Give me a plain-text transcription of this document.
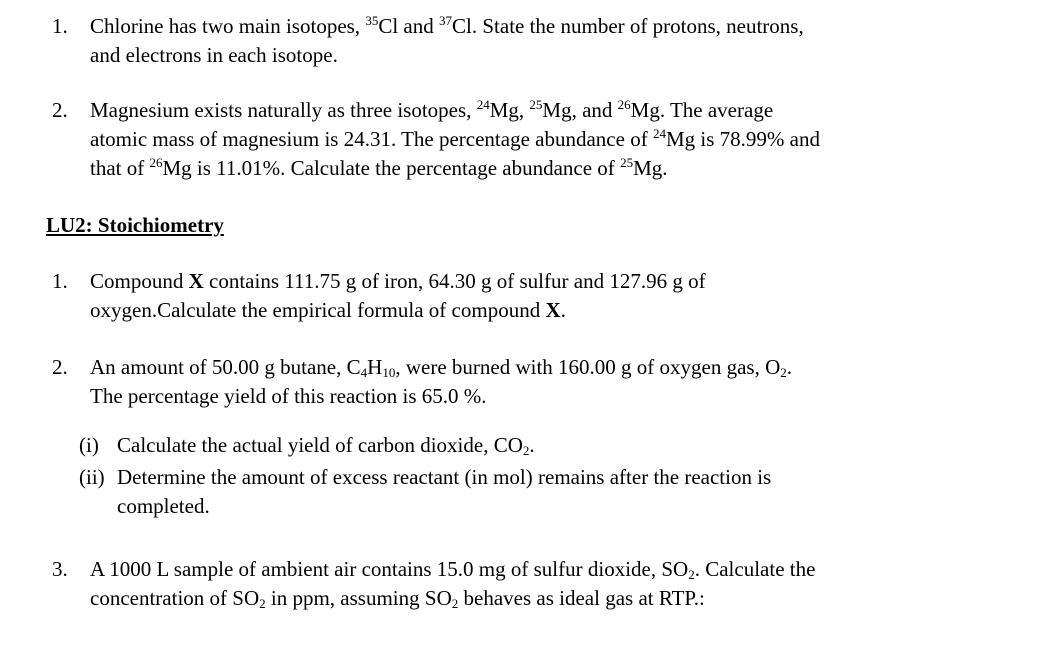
1. Chlorine has two main isotopes, $^{35}$Cl and $^{37}$Cl. State the number of protons, neutrons,
and electrons in each isotope.
2. Magnesium exists naturally as three isotopes, $^{24}$Mg, $^{25}$Mg, and $^{26}$Mg. The average
atomic mass of magnesium is 24.31. The percentage abundance of $^{24}$Mg is 78.99% and
that of $^{26}$Mg is 11.01%. Calculate the percentage abundance of $^{25}$Mg.
LU2: Stoichiometry
1. Compound X contains 111.75 g of iron, 64.30 g of sulfur and 127.96 g of
oxygen.Calculate the empirical formula of compound X.
2. An amount of 50.00 g butane, $C_4H_{10}$, were burned with 160.00 g of oxygen gas, $O_2$.
The percentage yield of this reaction is 65.0 %.
(i) Calculate the actual yield of carbon dioxide, $CO_2$.
(ii) Determine the amount of excess reactant (in mol) remains after the reaction is
completed.
3. A 1000 L sample of ambient air contains 15.0 mg of sulfur dioxide, $SO_2$. Calculate the
concentration of $SO_2$ in ppm, assuming $SO_2$ behaves as ideal gas at RTP.:
